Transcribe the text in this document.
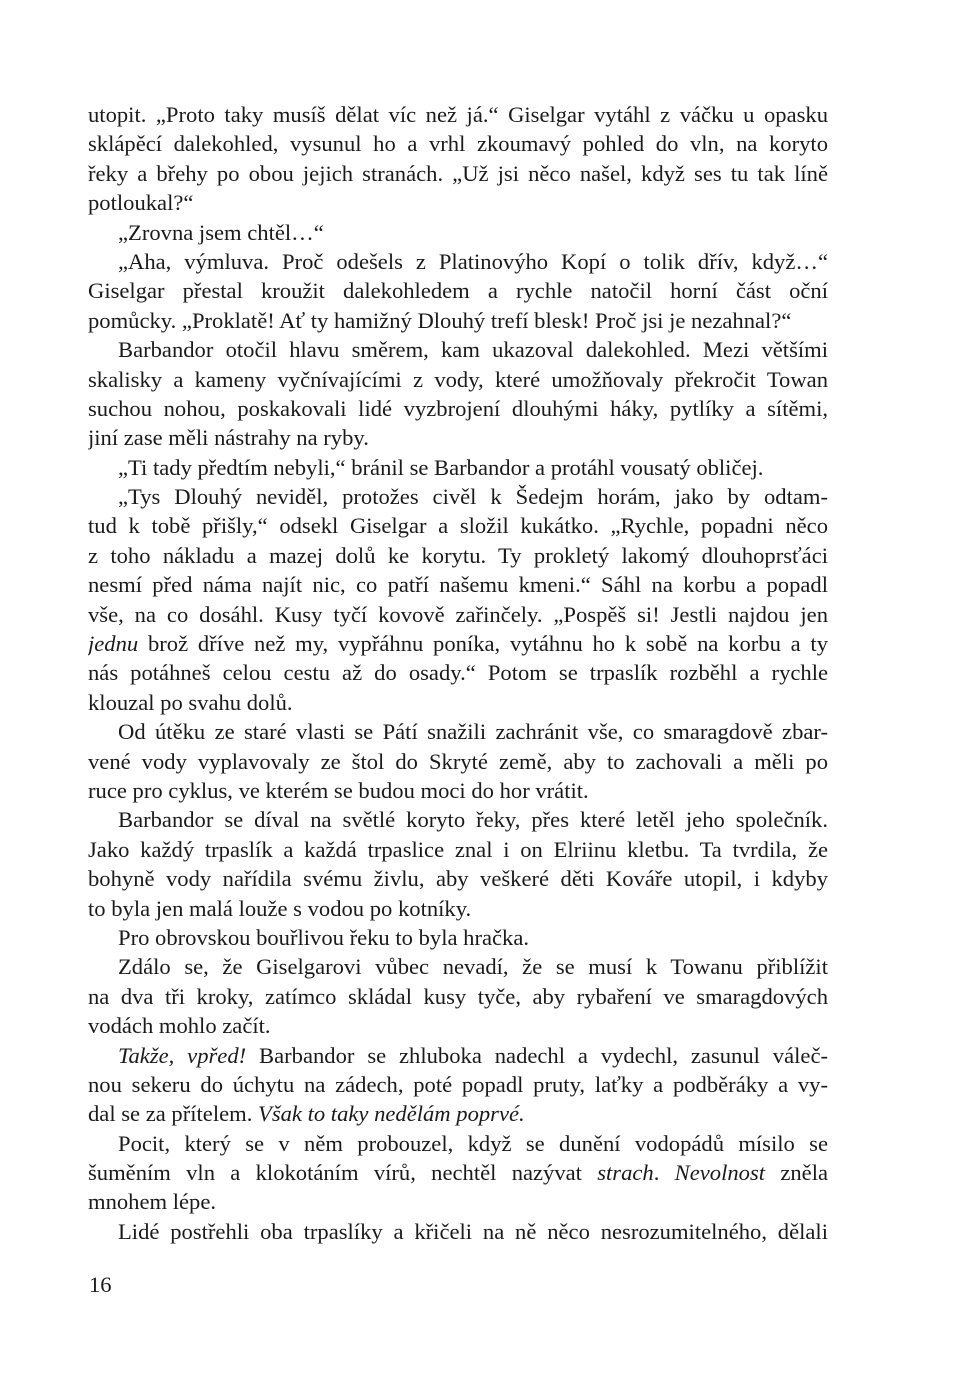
utopit. „Proto taky musíš dělat víc než já.“ Giselgar vytáhl z váčku u opasku
sklápěcí dalekohled, vysunul ho a vrhl zkoumavý pohled do vln, na koryto
řeky a břehy po obou jejich stranách. „Už jsi něco našel, když ses tu tak líně
potloukal?“
„Zrovna jsem chtěl…“
„Aha, výmluva. Proč odešels z Platinovýho Kopí o tolik dřív, když…“
Giselgar přestal kroužit dalekohledem a rychle natočil horní část oční
pomůcky. „Proklatě! Ať ty hamižný Dlouhý trefí blesk! Proč jsi je nezahnal?“
Barbandor otočil hlavu směrem, kam ukazoval dalekohled. Mezi většími
skalisky a kameny vyčnívajícími z vody, které umožňovaly překročit Towan
suchou nohou, poskakovali lidé vyzbrojení dlouhými háky, pytlíky a sítěmi,
jiní zase měli nástrahy na ryby.
„Ti tady předtím nebyli,“ bránil se Barbandor a protáhl vousatý obličej.
„Tys Dlouhý neviděl, protožes civěl k Šedejm horám, jako by odtam-
tud k tobě přišly,“ odsekl Giselgar a složil kukátko. „Rychle, popadni něco
z toho nákladu a mazej dolů ke korytu. Ty prokletý lakomý dlouhoprsťáci
nesmí před náma najít nic, co patří našemu kmeni.“ Sáhl na korbu a popadl
vše, na co dosáhl. Kusy tyčí kovově zařinčely. „Pospěš si! Jestli najdou jen
jednu brož dříve než my, vypřáhnu poníka, vytáhnu ho k sobě na korbu a ty
nás potáhneš celou cestu až do osady.“ Potom se trpaslík rozběhl a rychle
klouzal po svahu dolů.
Od útěku ze staré vlasti se Pátí snažili zachránit vše, co smaragdově zbar-
vené vody vyplavovaly ze štol do Skryté země, aby to zachovali a měli po
ruce pro cyklus, ve kterém se budou moci do hor vrátit.
Barbandor se díval na světlé koryto řeky, přes které letěl jeho společník.
Jako každý trpaslík a každá trpaslice znal i on Elriinu kletbu. Ta tvrdila, že
bohyně vody nařídila svému živlu, aby veškeré děti Kováře utopil, i kdyby
to byla jen malá louže s vodou po kotníky.
Pro obrovskou bouřlivou řeku to byla hračka.
Zdálo se, že Giselgarovi vůbec nevadí, že se musí k Towanu přiblížit
na dva tři kroky, zatímco skládal kusy tyče, aby rybaření ve smaragdových
vodách mohlo začít.
Takže, vpřed! Barbandor se zhluboka nadechl a vydechl, zasunul váleč-
nou sekeru do úchytu na zádech, poté popadl pruty, laťky a podběráky a vy-
dal se za přítelem. Však to taky nedělám poprvé.
Pocit, který se v něm probouzel, když se dunění vodopádů mísilo se
šuměním vln a klokotáním vírů, nechtěl nazývat strach. Nevolnost zněla
mnohem lépe.
Lidé postřehli oba trpaslíky a křičeli na ně něco nesrozumitelného, dělali
16
